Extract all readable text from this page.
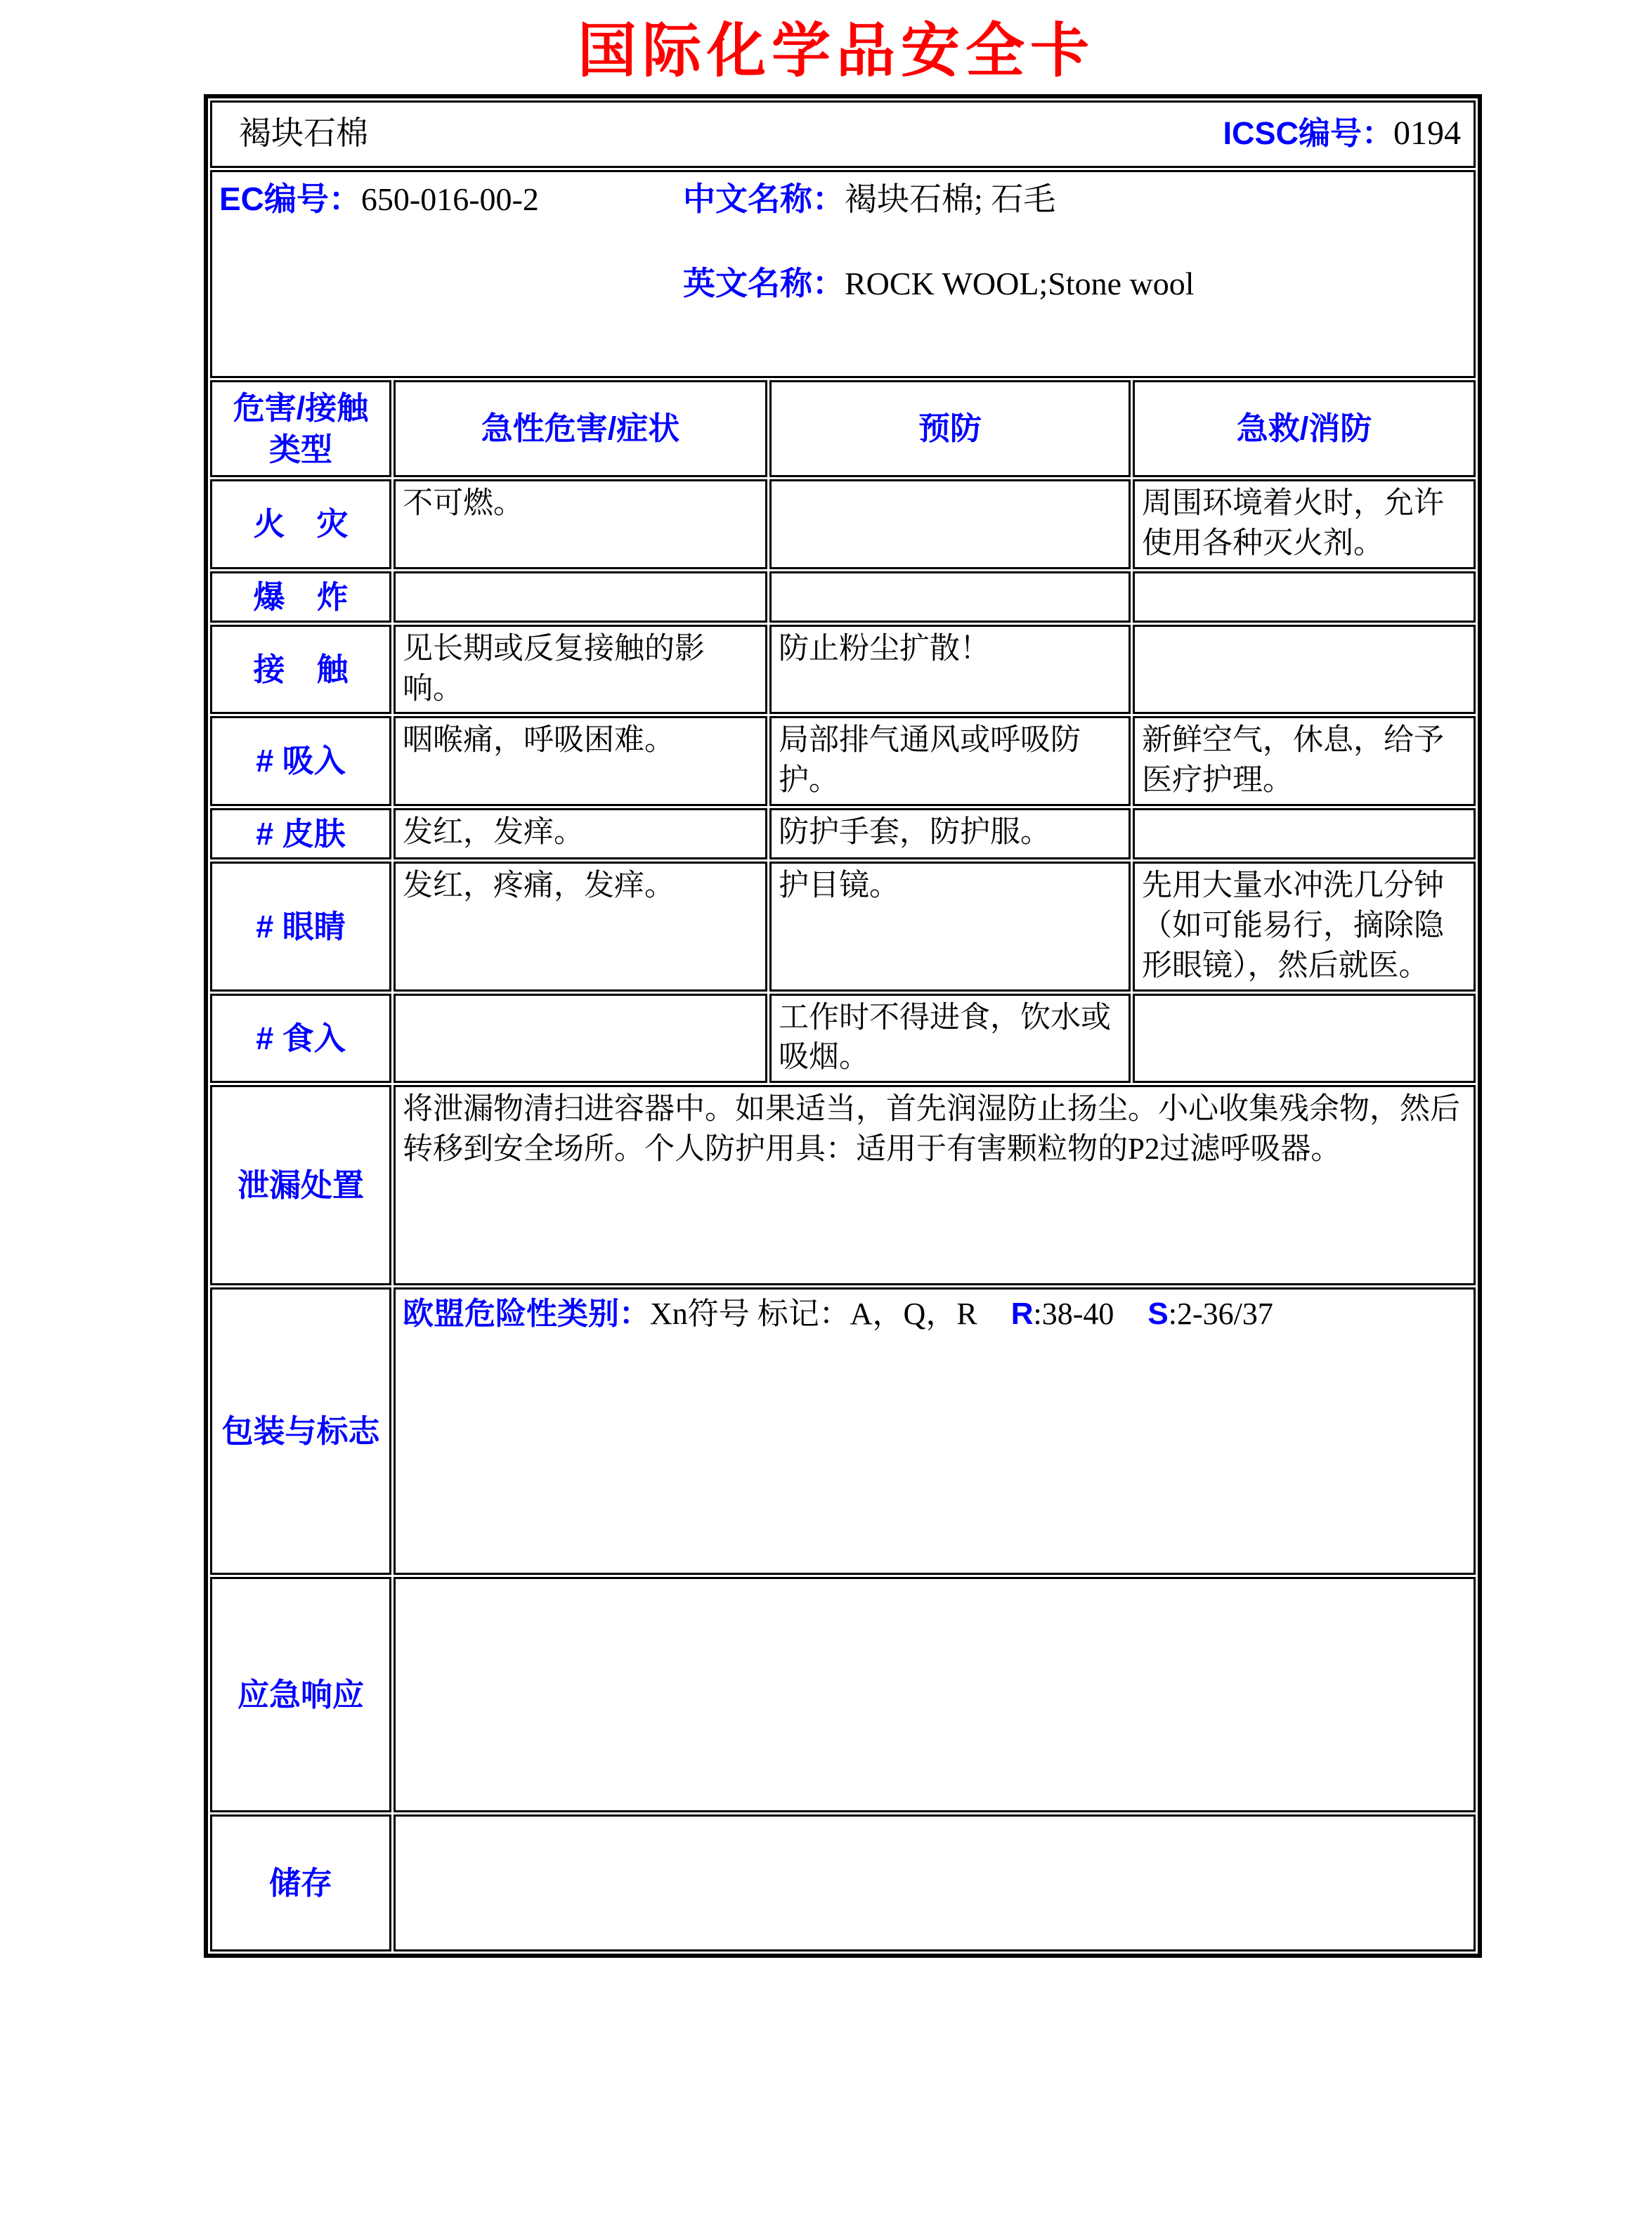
国际化学品安全卡
褐块石棉 ICSC编号：0194			

EC编号：650-016-00-2 中文名称：褐块石棉; 石毛
英文名称：ROCK WOOL;Stone wool			

危害/接触
类型	急性危害/症状	预防	急救/消防
火　灾	不可燃。		周围环境着火时，允许使用各种灭火剂。
爆　炸			
接　触	见长期或反复接触的影响。	防止粉尘扩散！	
# 吸入	咽喉痛，呼吸困难。	局部排气通风或呼吸防护。	新鲜空气，休息，给予医疗护理。
# 皮肤	发红，发痒。	防护手套，防护服。	
# 眼睛	发红，疼痛，发痒。	护目镜。	先用大量水冲洗几分钟（如可能易行，摘除隐形眼镜），然后就医。
# 食入		工作时不得进食，饮水或吸烟。	
泄漏处置	将泄漏物清扫进容器中。如果适当，首先润湿防止扬尘。小心收集残余物，然后转移到安全场所。个人防护用具：适用于有害颗粒物的P2过滤呼吸器。		
包装与标志	欧盟危险性类别：Xn符号 标记：A，Q，R R:38-40 S:2-36/37		

应急响应			
储存			
